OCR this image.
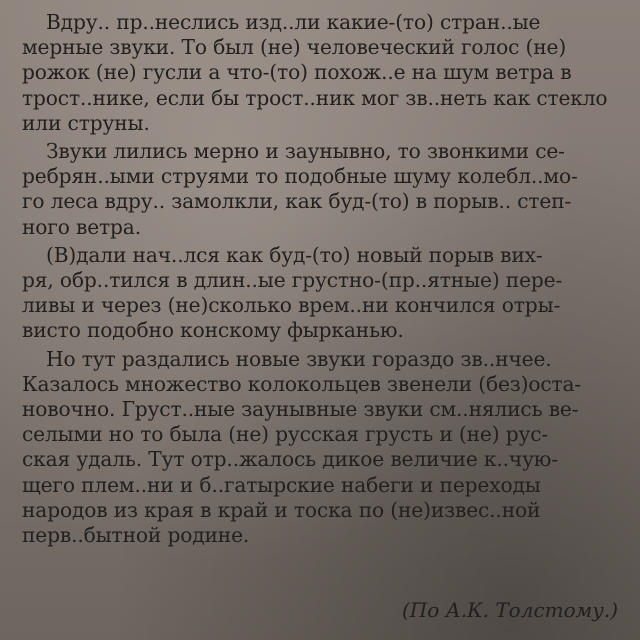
Вдру.. пр..неслись изд..ли какие-(то) стран..ые
мерные звуки. То был (не) человеческий голос (не)
рожок (не) гусли а что-(то) похож..е на шум ветра в
трост..нике, если бы трост..ник мог зв..неть как стекло
или струны.
Звуки лились мерно и заунывно, то звонкими се-
ребрян..ыми струями то подобные шуму колебл..мо-
го леса вдру.. замолкли, как буд-(то) в порыв.. степ-
ного ветра.
(В)дали нач..лся как буд-(то) новый порыв вих-
ря, обр..тился в длин..ые грустно-(пр..ятные) пере-
ливы и через (не)сколько врем..ни кончился отры-
висто подобно конскому фырканью.
Но тут раздались новые звуки гораздо зв..нчее.
Казалось множество колокольцев звенели (без)оста-
новочно. Груст..ные заунывные звуки см..нялись ве-
селыми но то была (не) русская грусть и (не) рус-
ская удаль. Тут отр..жалось дикое величие к..чую-
щего плем..ни и б..гатырские набеги и переходы
народов из края в край и тоска по (не)извес..ной
перв..бытной родине.
(По А.К. Толстому.)
